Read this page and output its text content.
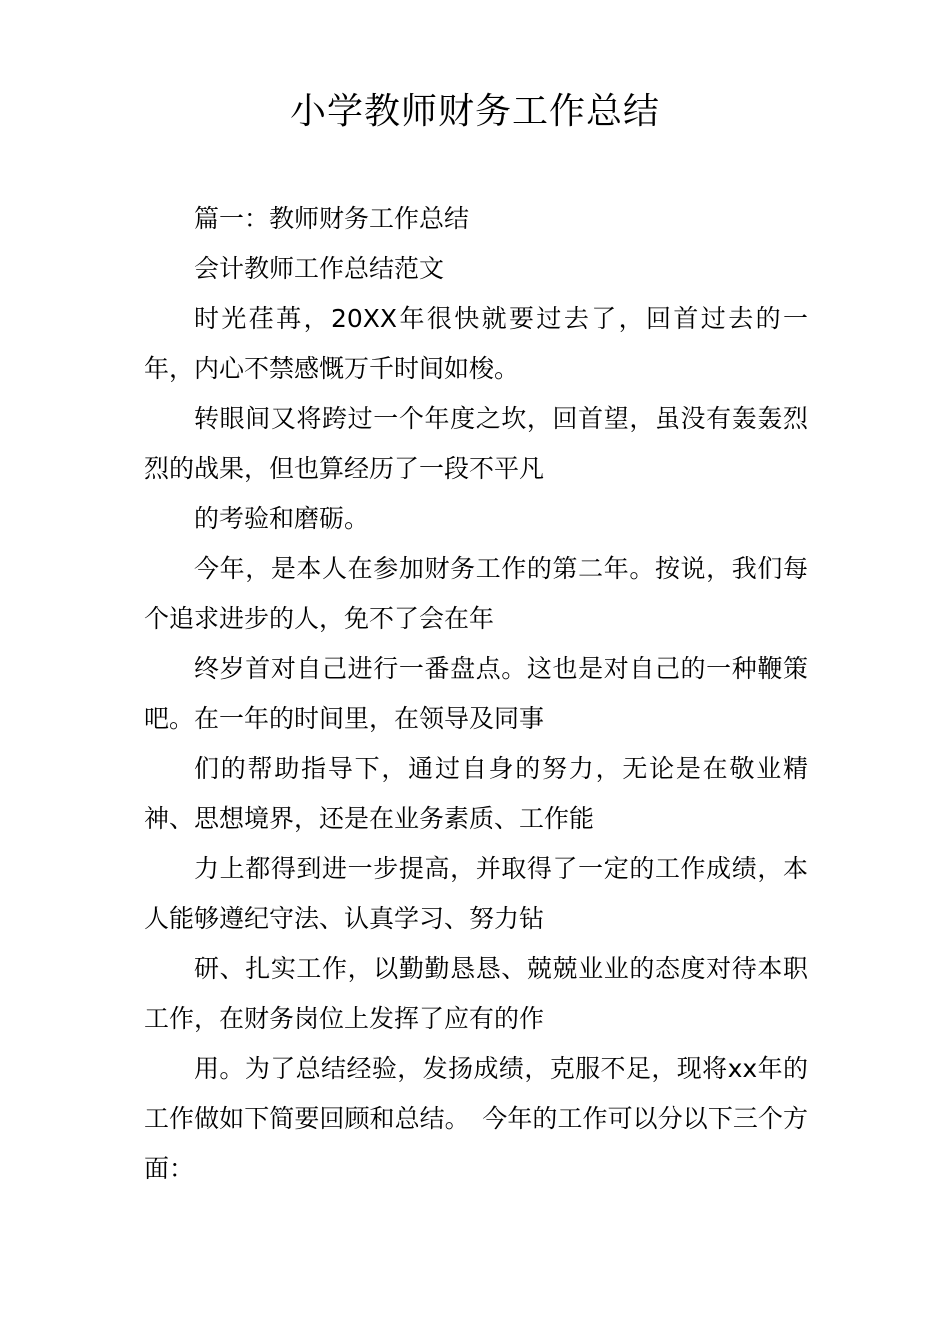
小学教师财务工作总结

篇一：教师财务工作总结

会计教师工作总结范文

时光荏苒，20XX年很快就要过去了，回首过去的一年，内心不禁感慨万千时间如梭。

转眼间又将跨过一个年度之坎，回首望，虽没有轰轰烈烈的战果，但也算经历了一段不平凡

的考验和磨砺。

今年，是本人在参加财务工作的第二年。按说，我们每个追求进步的人，免不了会在年

终岁首对自己进行一番盘点。这也是对自己的一种鞭策吧。在一年的时间里，在领导及同事

们的帮助指导下，通过自身的努力，无论是在敬业精神、思想境界，还是在业务素质、工作能

力上都得到进一步提高，并取得了一定的工作成绩，本人能够遵纪守法、认真学习、努力钻

研、扎实工作，以勤勤恳恳、兢兢业业的态度对待本职工作，在财务岗位上发挥了应有的作

用。为了总结经验，发扬成绩，克服不足，现将xx年的工作做如下简要回顾和总结。　今年的工作可以分以下三个方面：
